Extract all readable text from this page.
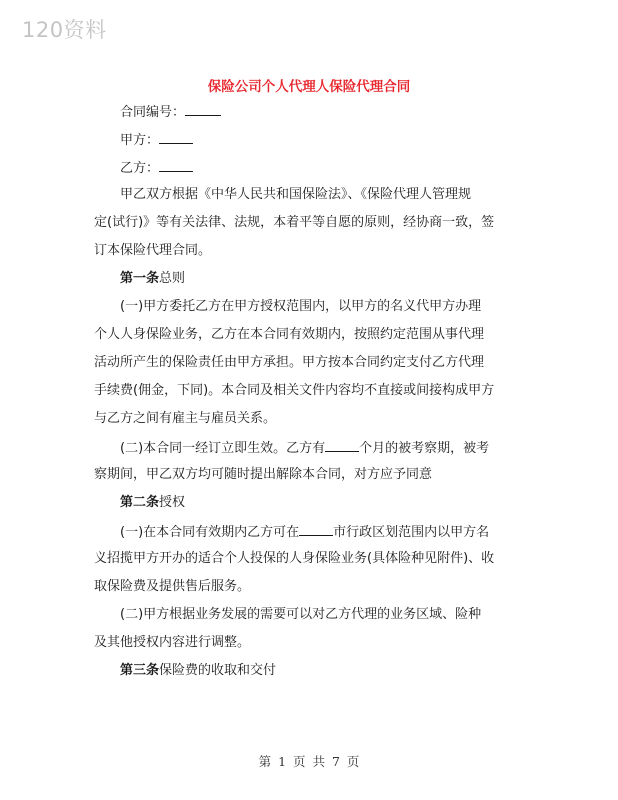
120资料
保险公司个人代理人保险代理合同
合同编号：
甲方：
乙方：
甲乙双方根据《中华人民共和国保险法》、《保险代理人管理规
定(试行)》等有关法律、法规，本着平等自愿的原则，经协商一致，签
订本保险代理合同。
第一条总则
(一)甲方委托乙方在甲方授权范围内，以甲方的名义代甲方办理
个人人身保险业务，乙方在本合同有效期内，按照约定范围从事代理
活动所产生的保险责任由甲方承担。甲方按本合同约定支付乙方代理
手续费(佣金，下同)。本合同及相关文件内容均不直接或间接构成甲方
与乙方之间有雇主与雇员关系。
(二)本合同一经订立即生效。乙方有	个月的被考察期，被考
察期间，甲乙双方均可随时提出解除本合同，对方应予同意
第二条授权
(一)在本合同有效期内乙方可在	市行政区划范围内以甲方名
义招揽甲方开办的适合个人投保的人身保险业务(具体险种见附件)、收
取保险费及提供售后服务。
(二)甲方根据业务发展的需要可以对乙方代理的业务区域、险种
及其他授权内容进行调整。
第三条保险费的收取和交付
第 1 页 共 7 页
